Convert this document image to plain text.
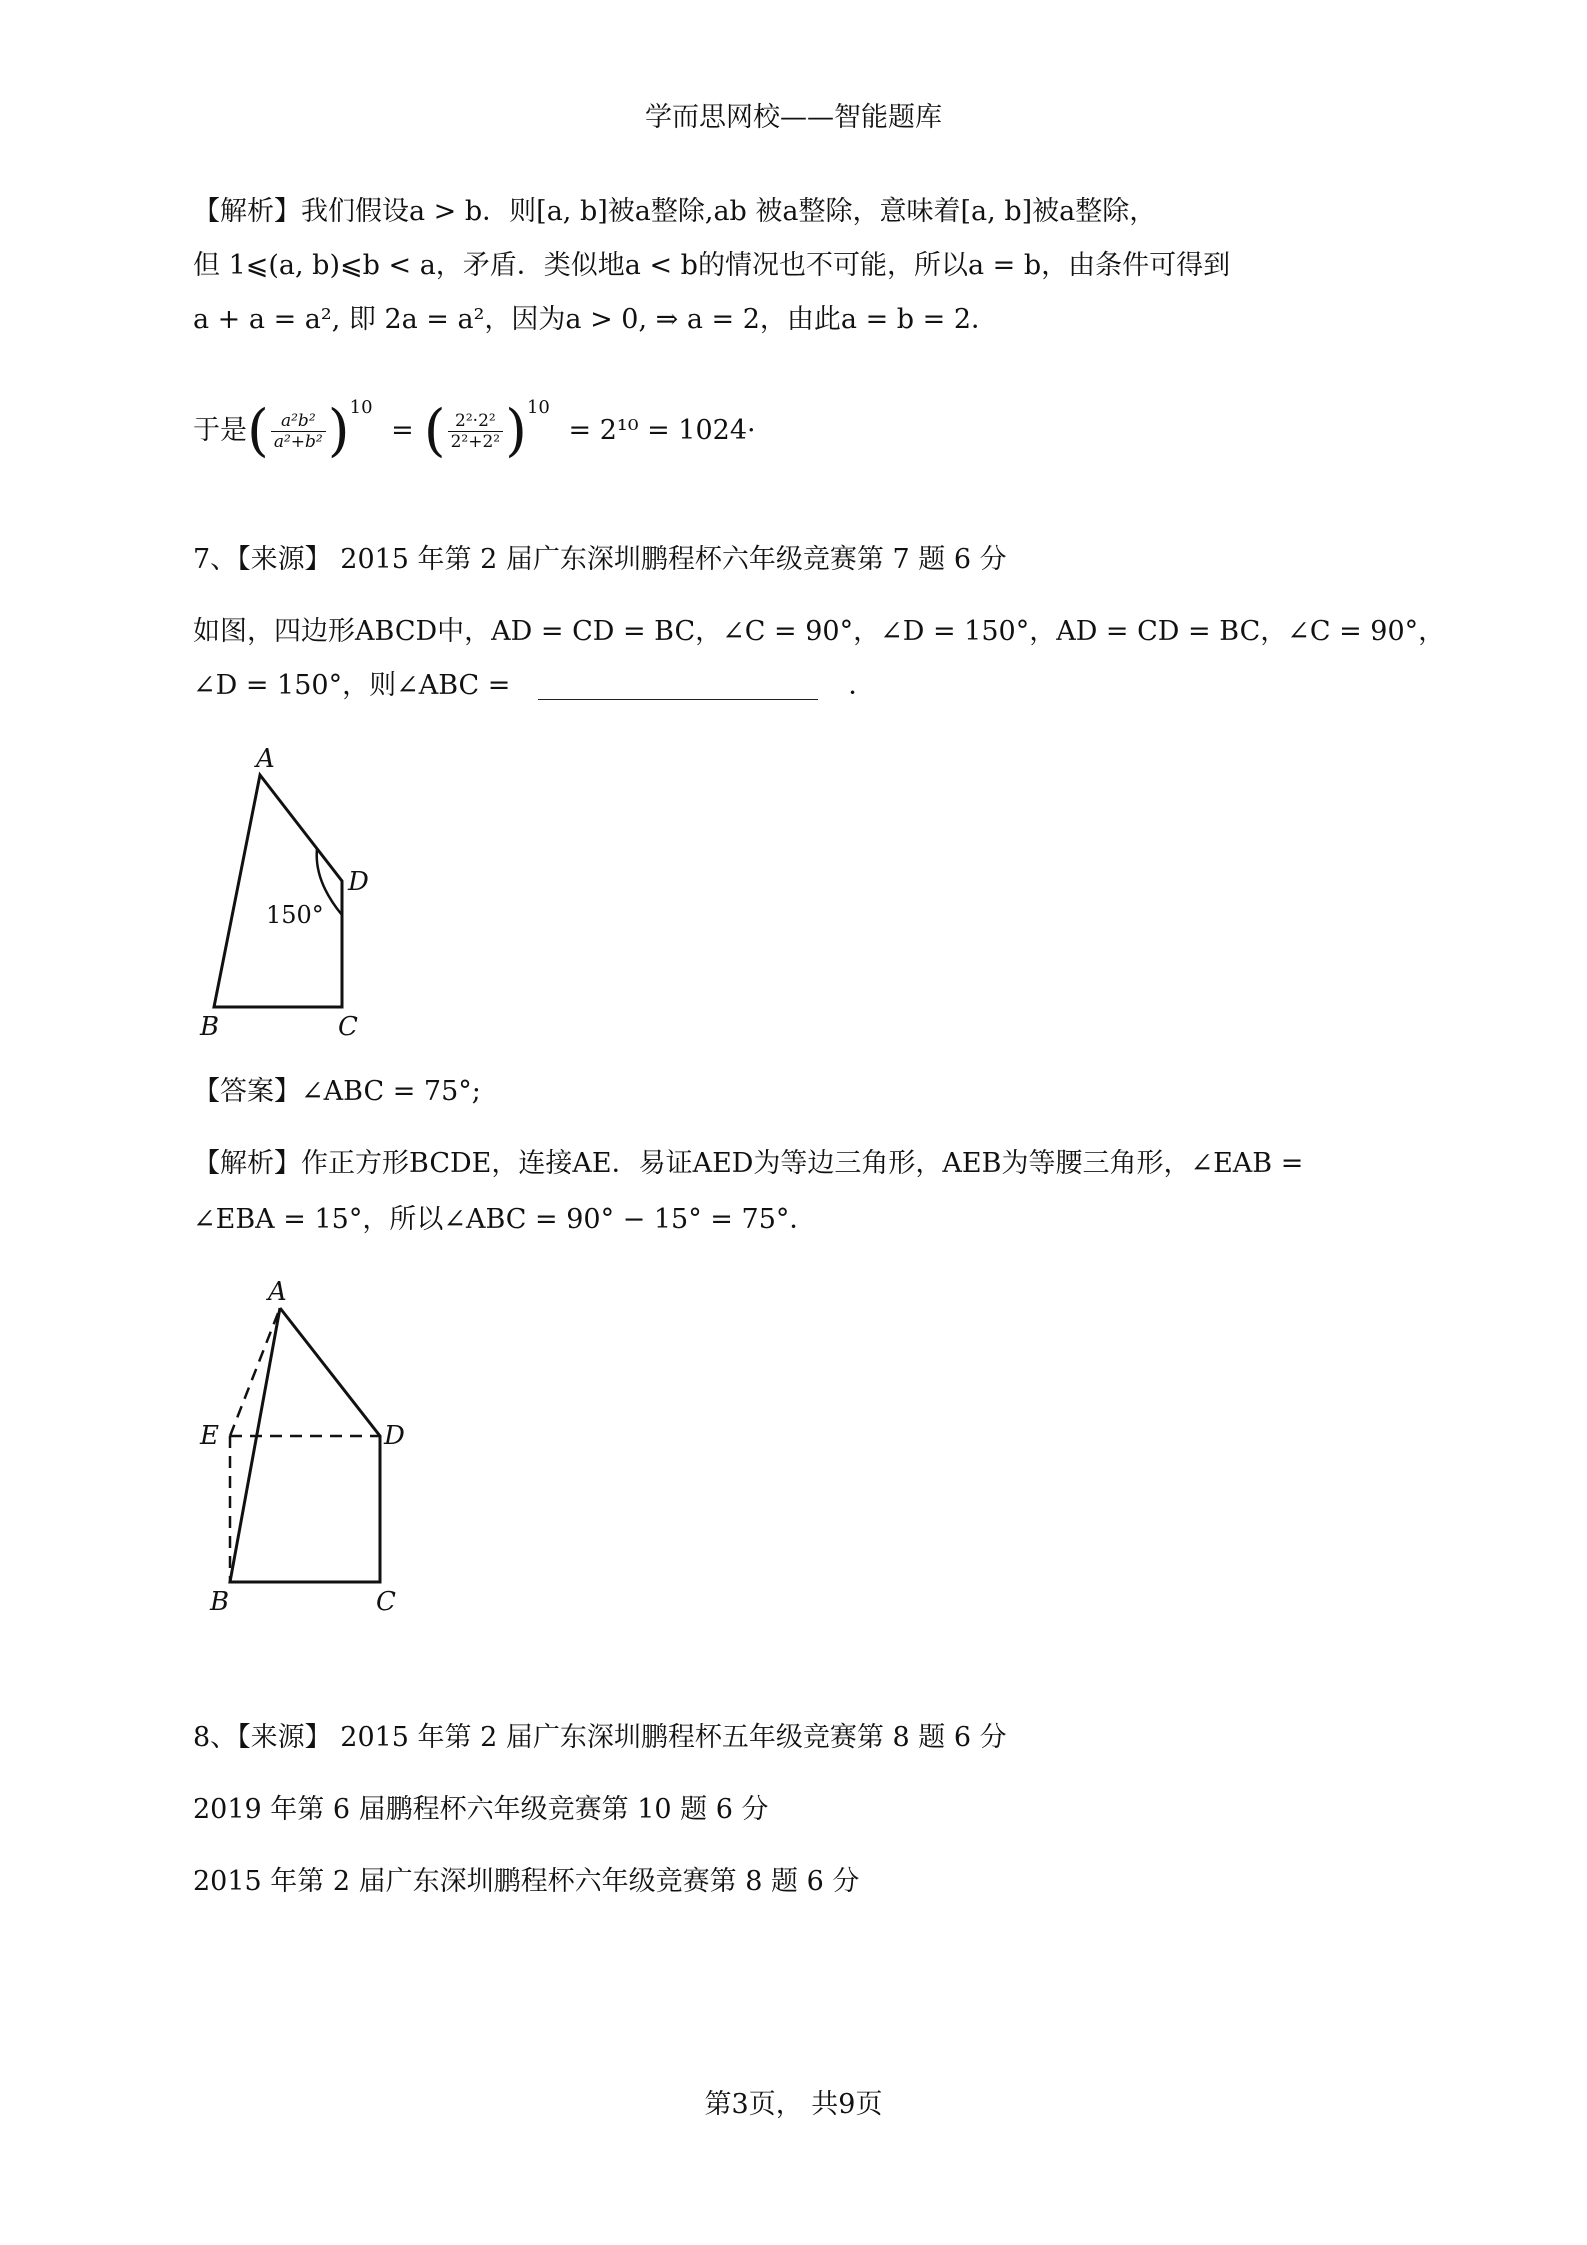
学而思网校——智能题库
【解析】我们假设a > b．则[a, b]被a整除,ab 被a整除，意味着[a, b]被a整除，
但 1⩽(a, b)⩽b < a，矛盾．类似地a < b的情况也不可能，所以a = b，由条件可得到
a + a = a², 即 2a = a²，因为a > 0, ⇒ a = 2，由此a = b = 2．
于是( $\frac{\text{a²b²}}{\text{a²+b²}} )^{10}$ = ( $\frac{\text{2²·2²}}{\text{2²+2²}} )^{10} = 2^{10} = 1024\cdot$
7、【来源】 2015 年第 2 届广东深圳鹏程杯六年级竞赛第 7 题 6 分
如图，四边形ABCD中，AD = CD = BC，∠C = 90°，∠D = 150°，AD = CD = BC，∠C = 90°，
∠D = 150°，则∠ABC =	．
A
D
B	C
150°
【答案】∠ABC = 75°;
【解析】作正方形BCDE，连接AE．易证AED为等边三角形，AEB为等腰三角形，∠EAB =
∠EBA = 15°，所以∠ABC = 90° − 15° = 75°．
A
E	D
B	C
8、【来源】 2015 年第 2 届广东深圳鹏程杯五年级竞赛第 8 题 6 分
2019 年第 6 届鹏程杯六年级竞赛第 10 题 6 分
2015 年第 2 届广东深圳鹏程杯六年级竞赛第 8 题 6 分
第3页， 共9页
